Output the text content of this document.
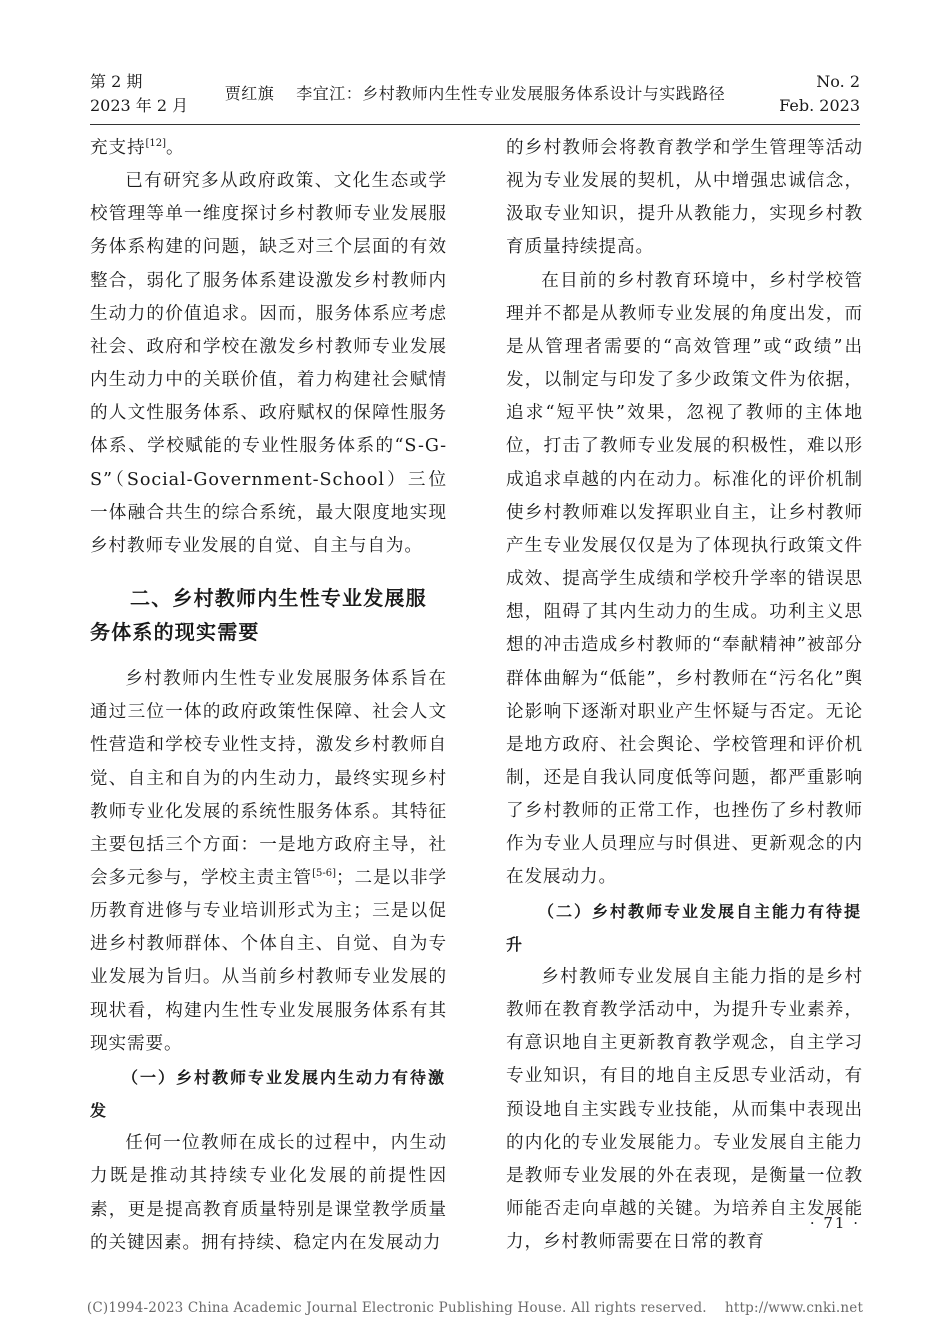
第 2 期
2023 年 2 月
贾红旗　 李宜江：乡村教师内生性专业发展服务体系设计与实践路径
No. 2
Feb. 2023

充支持[12]。

已有研究多从政府政策、文化生态或学校管理等单一维度探讨乡村教师专业发展服务体系构建的问题，缺乏对三个层面的有效整合，弱化了服务体系建设激发乡村教师内生动力的价值追求。因而，服务体系应考虑社会、政府和学校在激发乡村教师专业发展内生动力中的关联价值，着力构建社会赋情的人文性服务体系、政府赋权的保障性服务体系、学校赋能的专业性服务体系的“S-G-S”（Social-Government-School）三位一体融合共生的综合系统，最大限度地实现乡村教师专业发展的自觉、自主与自为。

二、乡村教师内生性专业发展服务体系的现实需要

乡村教师内生性专业发展服务体系旨在通过三位一体的政府政策性保障、社会人文性营造和学校专业性支持，激发乡村教师自觉、自主和自为的内生动力，最终实现乡村教师专业化发展的系统性服务体系。其特征主要包括三个方面：一是地方政府主导，社会多元参与，学校主责主管[5-6]；二是以非学历教育进修与专业培训形式为主；三是以促进乡村教师群体、个体自主、自觉、自为专业发展为旨归。从当前乡村教师专业发展的现状看，构建内生性专业发展服务体系有其现实需要。

（一）乡村教师专业发展内生动力有待激发

任何一位教师在成长的过程中，内生动力既是推动其持续专业化发展的前提性因素，更是提高教育质量特别是课堂教学质量的关键因素。拥有持续、稳定内在发展动力

的乡村教师会将教育教学和学生管理等活动视为专业发展的契机，从中增强忠诚信念，汲取专业知识，提升从教能力，实现乡村教育质量持续提高。

在目前的乡村教育环境中，乡村学校管理并不都是从教师专业发展的角度出发，而是从管理者需要的“高效管理”或“政绩”出发，以制定与印发了多少政策文件为依据，追求“短平快”效果，忽视了教师的主体地位，打击了教师专业发展的积极性，难以形成追求卓越的内在动力。标准化的评价机制使乡村教师难以发挥职业自主，让乡村教师产生专业发展仅仅是为了体现执行政策文件成效、提高学生成绩和学校升学率的错误思想，阻碍了其内生动力的生成。功利主义思想的冲击造成乡村教师的“奉献精神”被部分群体曲解为“低能”，乡村教师在“污名化”舆论影响下逐渐对职业产生怀疑与否定。无论是地方政府、社会舆论、学校管理和评价机制，还是自我认同度低等问题，都严重影响了乡村教师的正常工作，也挫伤了乡村教师作为专业人员理应与时俱进、更新观念的内在发展动力。

（二）乡村教师专业发展自主能力有待提升

乡村教师专业发展自主能力指的是乡村教师在教育教学活动中，为提升专业素养，有意识地自主更新教育教学观念，自主学习专业知识，有目的地自主反思专业活动，有预设地自主实践专业技能，从而集中表现出的内化的专业发展能力。专业发展自主能力是教师专业发展的外在表现，是衡量一位教师能否走向卓越的关键。为培养自主发展能力，乡村教师需要在日常的教育

· 71 ·
(C)1994-2023 China Academic Journal Electronic Publishing House. All rights reserved.　 http://www.cnki.net
